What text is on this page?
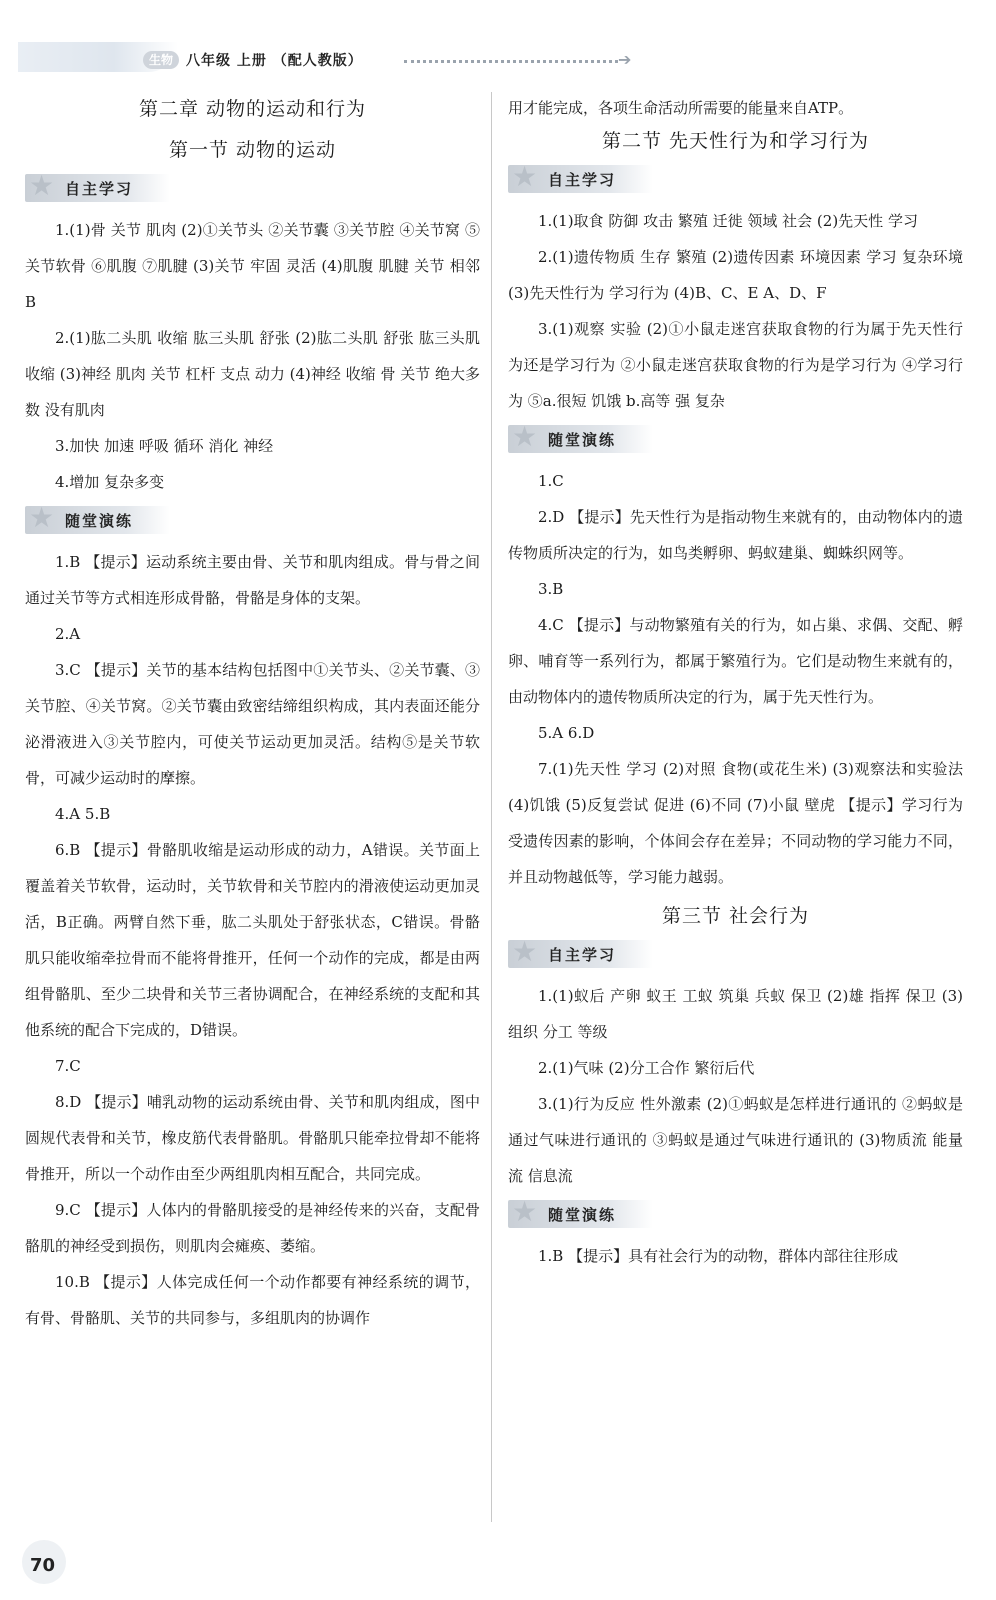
生物 八年级 上册 （配人教版）	➔
第二章 动物的运动和行为
第一节 动物的运动
★ 自主学习

1.(1)骨 关节 肌肉 (2)①关节头 ②关节囊 ③关节腔 ④关节窝 ⑤关节软骨 ⑥肌腹 ⑦肌腱 (3)关节 牢固 灵活 (4)肌腹 肌腱 关节 相邻 B

2.(1)肱二头肌 收缩 肱三头肌 舒张 (2)肱二头肌 舒张 肱三头肌 收缩 (3)神经 肌肉 关节 杠杆 支点 动力 (4)神经 收缩 骨 关节 绝大多数 没有肌肉

3.加快 加速 呼吸 循环 消化 神经

4.增加 复杂多变

★ 随堂演练

1.B 【提示】运动系统主要由骨、关节和肌肉组成。骨与骨之间通过关节等方式相连形成骨骼，骨骼是身体的支架。

2.A

3.C 【提示】关节的基本结构包括图中①关节头、②关节囊、③关节腔、④关节窝。②关节囊由致密结缔组织构成，其内表面还能分泌滑液进入③关节腔内，可使关节运动更加灵活。结构⑤是关节软骨，可减少运动时的摩擦。

4.A 5.B

6.B 【提示】骨骼肌收缩是运动形成的动力，A错误。关节面上覆盖着关节软骨，运动时，关节软骨和关节腔内的滑液使运动更加灵活，B正确。两臂自然下垂，肱二头肌处于舒张状态，C错误。骨骼肌只能收缩牵拉骨而不能将骨推开，任何一个动作的完成，都是由两组骨骼肌、至少二块骨和关节三者协调配合，在神经系统的支配和其他系统的配合下完成的，D错误。

7.C

8.D 【提示】哺乳动物的运动系统由骨、关节和肌肉组成，图中圆规代表骨和关节，橡皮筋代表骨骼肌。骨骼肌只能牵拉骨却不能将骨推开，所以一个动作由至少两组肌肉相互配合，共同完成。

9.C 【提示】人体内的骨骼肌接受的是神经传来的兴奋，支配骨骼肌的神经受到损伤，则肌肉会瘫痪、萎缩。

10.B 【提示】人体完成任何一个动作都要有神经系统的调节，有骨、骨骼肌、关节的共同参与，多组肌肉的协调作

用才能完成，各项生命活动所需要的能量来自ATP。

第二节 先天性行为和学习行为
★ 自主学习

1.(1)取食 防御 攻击 繁殖 迁徙 领域 社会 (2)先天性 学习

2.(1)遗传物质 生存 繁殖 (2)遗传因素 环境因素 学习 复杂环境 (3)先天性行为 学习行为 (4)B、C、E A、D、F

3.(1)观察 实验 (2)①小鼠走迷宫获取食物的行为属于先天性行为还是学习行为 ②小鼠走迷宫获取食物的行为是学习行为 ④学习行为 ⑤a.很短 饥饿 b.高等 强 复杂

★ 随堂演练

1.C

2.D 【提示】先天性行为是指动物生来就有的，由动物体内的遗传物质所决定的行为，如鸟类孵卵、蚂蚁建巢、蜘蛛织网等。

3.B

4.C 【提示】与动物繁殖有关的行为，如占巢、求偶、交配、孵卵、哺育等一系列行为，都属于繁殖行为。它们是动物生来就有的，由动物体内的遗传物质所决定的行为，属于先天性行为。

5.A 6.D

7.(1)先天性 学习 (2)对照 食物(或花生米) (3)观察法和实验法 (4)饥饿 (5)反复尝试 促进 (6)不同 (7)小鼠 壁虎 【提示】学习行为受遗传因素的影响，个体间会存在差异；不同动物的学习能力不同，并且动物越低等，学习能力越弱。

第三节 社会行为
★ 自主学习

1.(1)蚁后 产卵 蚁王 工蚁 筑巢 兵蚁 保卫 (2)雄 指挥 保卫 (3)组织 分工 等级

2.(1)气味 (2)分工合作 繁衍后代

3.(1)行为反应 性外激素 (2)①蚂蚁是怎样进行通讯的 ②蚂蚁是通过气味进行通讯的 ③蚂蚁是通过气味进行通讯的 (3)物质流 能量流 信息流

★ 随堂演练

1.B 【提示】具有社会行为的动物，群体内部往往形成

70
